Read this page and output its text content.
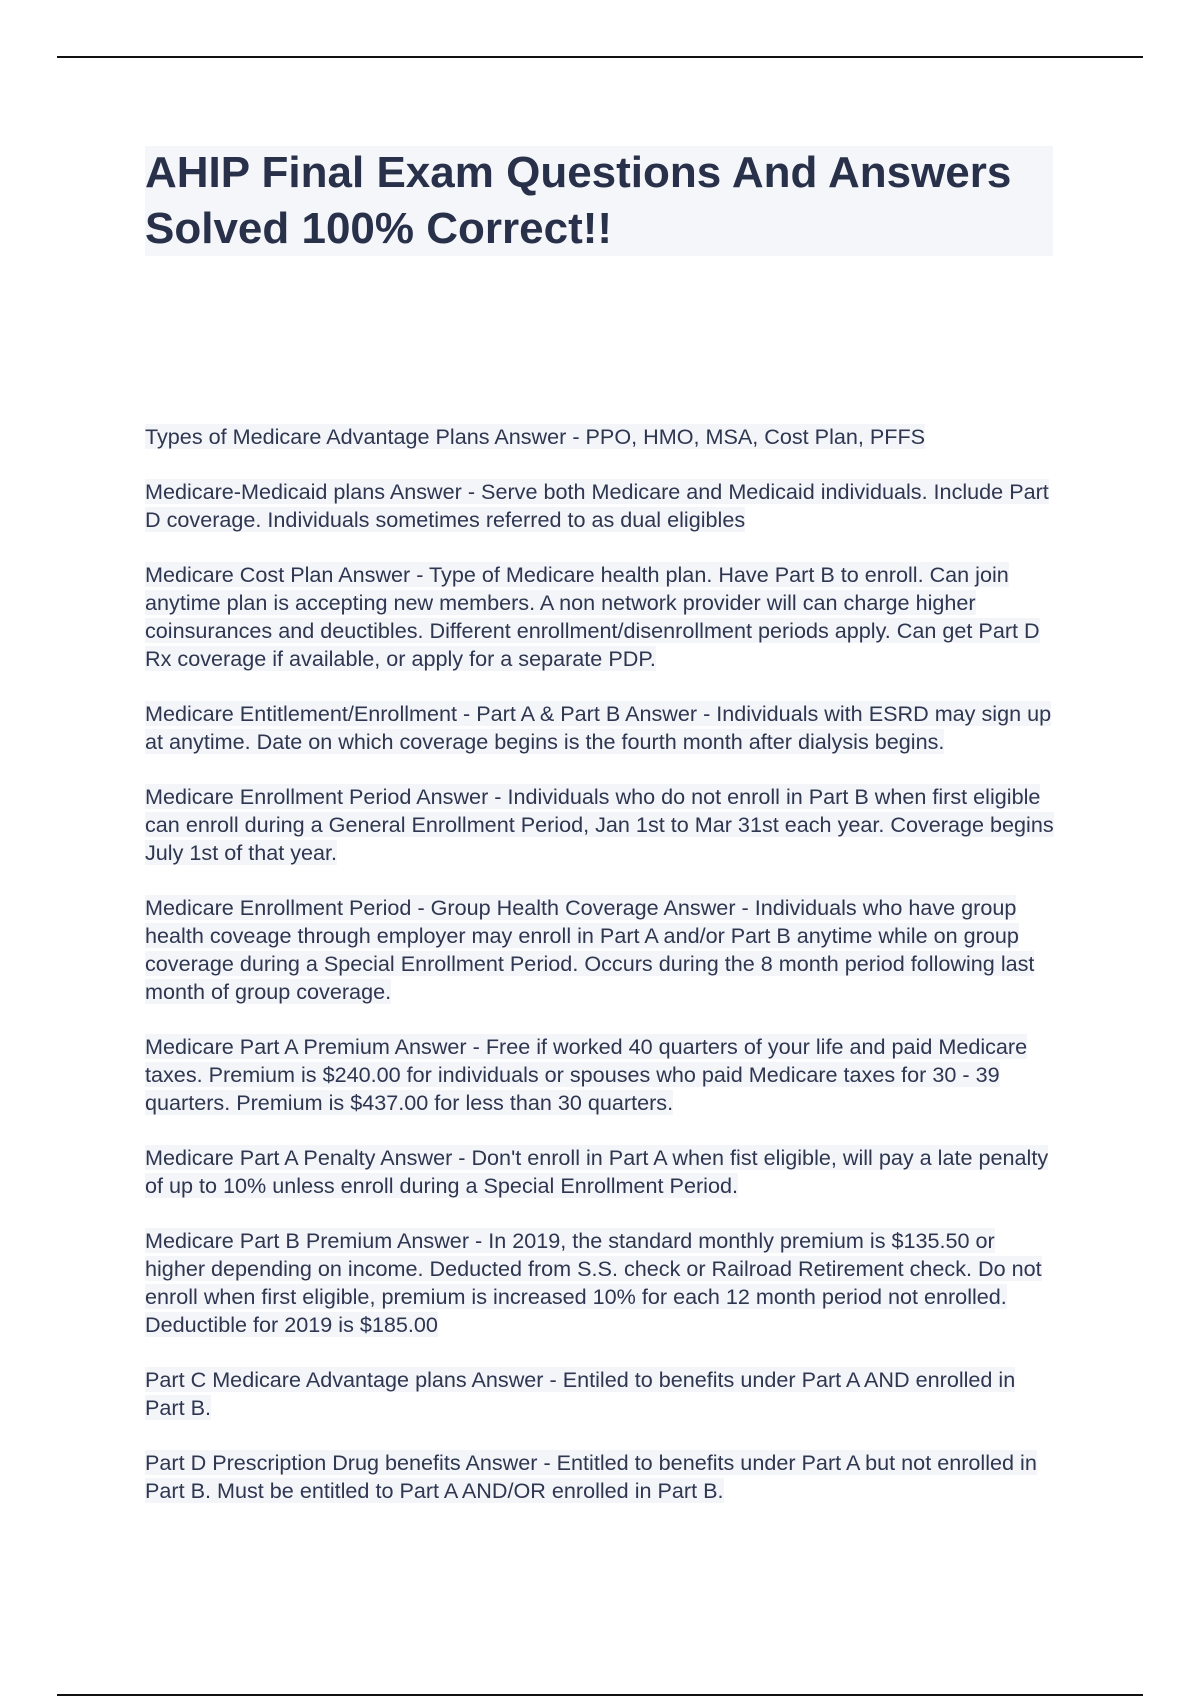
AHIP Final Exam Questions And Answers Solved 100% Correct!!

Types of Medicare Advantage Plans Answer - PPO, HMO, MSA, Cost Plan, PFFS

Medicare-Medicaid plans Answer - Serve both Medicare and Medicaid individuals. Include Part D coverage. Individuals sometimes referred to as dual eligibles

Medicare Cost Plan Answer - Type of Medicare health plan. Have Part B to enroll. Can join anytime plan is accepting new members. A non network provider will can charge higher coinsurances and deuctibles. Different enrollment/disenrollment periods apply. Can get Part D Rx coverage if available, or apply for a separate PDP.

Medicare Entitlement/Enrollment - Part A & Part B Answer - Individuals with ESRD may sign up at anytime. Date on which coverage begins is the fourth month after dialysis begins.

Medicare Enrollment Period Answer - Individuals who do not enroll in Part B when first eligible can enroll during a General Enrollment Period, Jan 1st to Mar 31st each year. Coverage begins July 1st of that year.

Medicare Enrollment Period - Group Health Coverage Answer - Individuals who have group health coveage through employer may enroll in Part A and/or Part B anytime while on group coverage during a Special Enrollment Period. Occurs during the 8 month period following last month of group coverage.

Medicare Part A Premium Answer - Free if worked 40 quarters of your life and paid Medicare taxes. Premium is $240.00 for individuals or spouses who paid Medicare taxes for 30 - 39 quarters. Premium is $437.00 for less than 30 quarters.

Medicare Part A Penalty Answer - Don't enroll in Part A when fist eligible, will pay a late penalty of up to 10% unless enroll during a Special Enrollment Period.

Medicare Part B Premium Answer - In 2019, the standard monthly premium is $135.50 or higher depending on income. Deducted from S.S. check or Railroad Retirement check. Do not enroll when first eligible, premium is increased 10% for each 12 month period not enrolled. Deductible for 2019 is $185.00

Part C Medicare Advantage plans Answer - Entiled to benefits under Part A AND enrolled in Part B.

Part D Prescription Drug benefits Answer - Entitled to benefits under Part A but not enrolled in Part B. Must be entitled to Part A AND/OR enrolled in Part B.
